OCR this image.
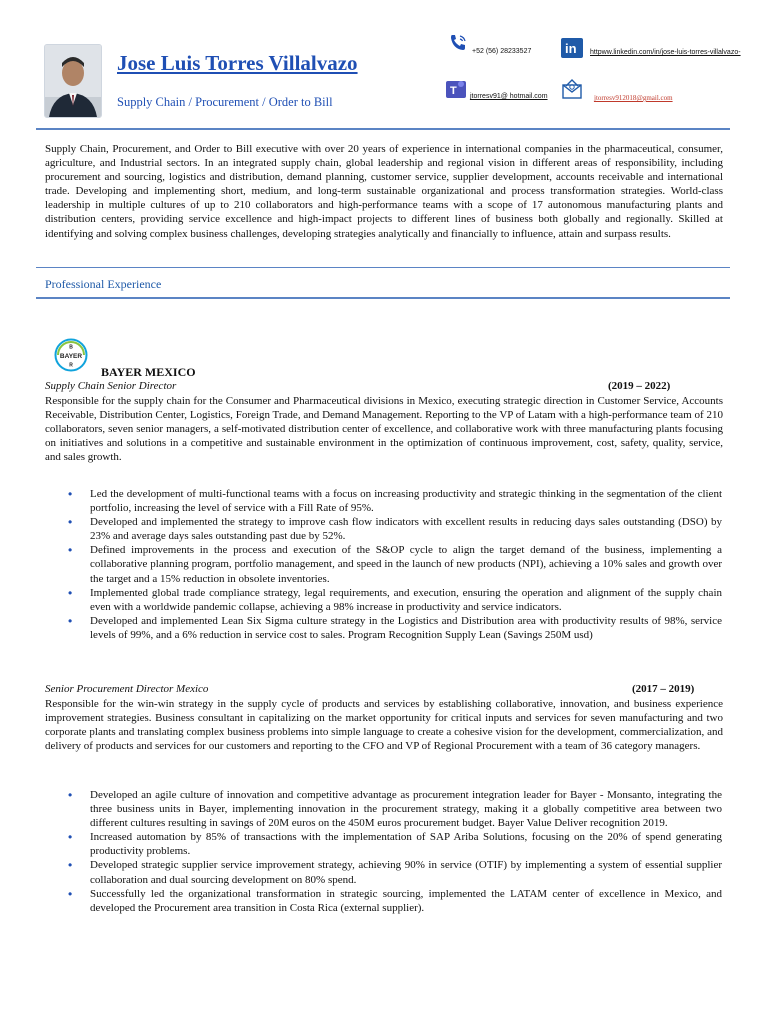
Jose Luis Torres Villalvazo
Supply Chain / Procurement / Order to Bill
+52 (56) 28233527	in httpww.linkedin.com/in/jose-luis-torres-villalvazo-
T jtorresv91@ hotmail.com	jtorresv912018@gmail.com
Supply Chain, Procurement, and Order to Bill executive with over 20 years of experience in international companies in the pharmaceutical, consumer, agriculture, and Industrial sectors. In an integrated supply chain, global leadership and regional vision in different areas of responsibility, including procurement and sourcing, logistics and distribution, demand planning, customer service, supplier development, accounts receivable and international trade. Developing and implementing short, medium, and long-term sustainable organizational and process transformation strategies. World-class leadership in multiple cultures of up to 210 collaborators and high-performance teams with a scope of 17 autonomous manufacturing plants and distribution centers, providing service excellence and high-impact projects to different lines of business both globally and regionally. Skilled at identifying and solving complex business challenges, developing strategies analytically and financially to influence, attain and surpass results.
Professional Experience
BAYER
B
R BAYER MEXICO
Supply Chain Senior Director	(2019 – 2022)
Responsible for the supply chain for the Consumer and Pharmaceutical divisions in Mexico, executing strategic direction in Customer Service, Accounts Receivable, Distribution Center, Logistics, Foreign Trade, and Demand Management. Reporting to the VP of Latam with a high-performance team of 210 collaborators, seven senior managers, a self-motivated distribution center of excellence, and collaborative work with three manufacturing plants focusing on initiatives and solutions in a competitive and sustainable environment in the optimization of continuous improvement, cost, safety, quality, service, and sales growth.
• Led the development of multi-functional teams with a focus on increasing productivity and strategic thinking in the segmentation of the client portfolio, increasing the level of service with a Fill Rate of 95%.
• Developed and implemented the strategy to improve cash flow indicators with excellent results in reducing days sales outstanding (DSO) by 23% and average days sales outstanding past due by 52%.
• Defined improvements in the process and execution of the S&OP cycle to align the target demand of the business, implementing a collaborative planning program, portfolio management, and speed in the launch of new products (NPI), achieving a 10% sales and growth over the target and a 15% reduction in obsolete inventories.
• Implemented global trade compliance strategy, legal requirements, and execution, ensuring the operation and alignment of the supply chain even with a worldwide pandemic collapse, achieving a 98% increase in productivity and service indicators.
• Developed and implemented Lean Six Sigma culture strategy in the Logistics and Distribution area with productivity results of 98%, service levels of 99%, and a 6% reduction in service cost to sales. Program Recognition Supply Lean (Savings 250M usd)
Senior Procurement Director Mexico	(2017 – 2019)
Responsible for the win-win strategy in the supply cycle of products and services by establishing collaborative, innovation, and business experience improvement strategies. Business consultant in capitalizing on the market opportunity for critical inputs and services for seven manufacturing and two corporate plants and translating complex business problems into simple language to create a cohesive vision for the development, commercialization, and delivery of products and services for our customers and reporting to the CFO and VP of Regional Procurement with a team of 36 category managers.
• Developed an agile culture of innovation and competitive advantage as procurement integration leader for Bayer - Monsanto, integrating the three business units in Bayer, implementing innovation in the procurement strategy, making it a globally competitive area between two different cultures resulting in savings of 20M euros on the 450M euros procurement budget. Bayer Value Deliver recognition 2019.
• Increased automation by 85% of transactions with the implementation of SAP Ariba Solutions, focusing on the 20% of spend generating productivity problems.
• Developed strategic supplier service improvement strategy, achieving 90% in service (OTIF) by implementing a system of essential supplier collaboration and dual sourcing development on 80% spend.
• Successfully led the organizational transformation in strategic sourcing, implemented the LATAM center of excellence in Mexico, and developed the Procurement area transition in Costa Rica (external supplier).
